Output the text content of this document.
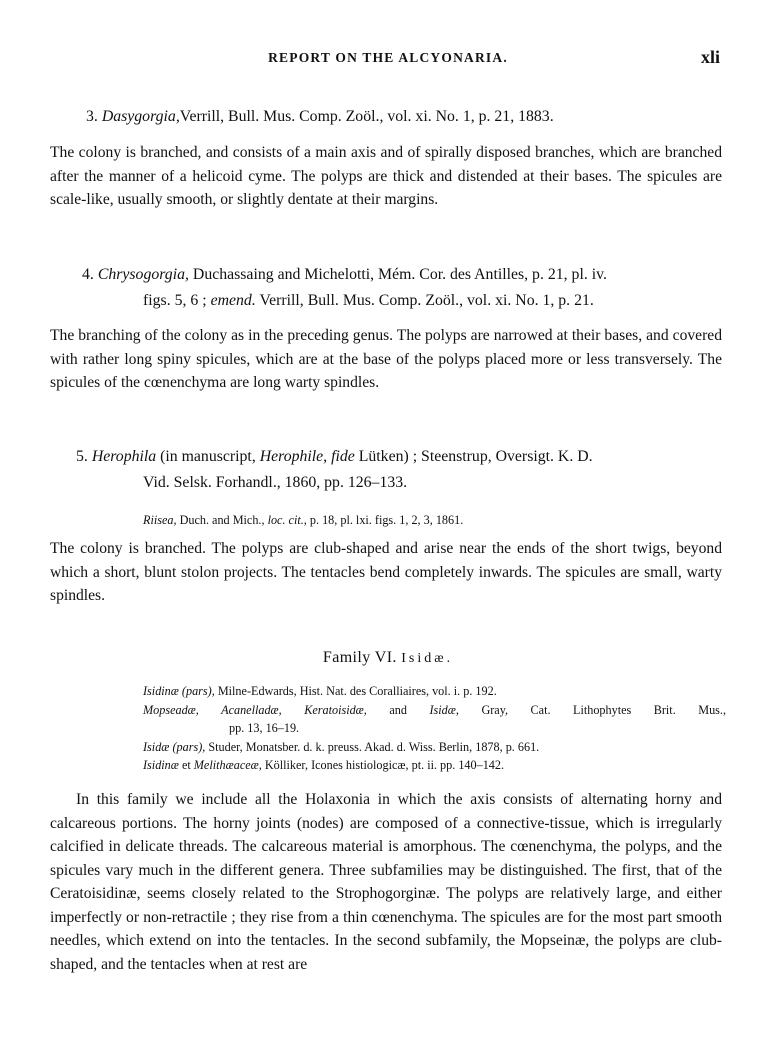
REPORT ON THE ALCYONARIA.	xli
3. Dasygorgia,Verrill, Bull. Mus. Comp. Zoöl., vol. xi. No. 1, p. 21, 1883.
The colony is branched, and consists of a main axis and of spirally disposed branches, which are branched after the manner of a helicoid cyme. The polyps are thick and distended at their bases. The spicules are scale-like, usually smooth, or slightly dentate at their margins.
4. Chrysogorgia, Duchassaing and Michelotti, Mém. Cor. des Antilles, p. 21, pl. iv.
figs. 5, 6 ; emend. Verrill, Bull. Mus. Comp. Zoöl., vol. xi. No. 1, p. 21.
The branching of the colony as in the preceding genus. The polyps are narrowed at their bases, and covered with rather long spiny spicules, which are at the base of the polyps placed more or less transversely. The spicules of the cœnenchyma are long warty spindles.
5. Herophila (in manuscript, Herophile, fide Lütken) ; Steenstrup, Oversigt. K. D.
Vid. Selsk. Forhandl., 1860, pp. 126–133.
Riisea, Duch. and Mich., loc. cit., p. 18, pl. lxi. figs. 1, 2, 3, 1861.
The colony is branched. The polyps are club-shaped and arise near the ends of the short twigs, beyond which a short, blunt stolon projects. The tentacles bend completely inwards. The spicules are small, warty spindles.
Family VI. Isidæ.
Isidinæ (pars), Milne-Edwards, Hist. Nat. des Coralliaires, vol. i. p. 192.
Mopseadæ, Acanelladæ, Keratoisidæ, and Isidæ, Gray, Cat. Lithophytes Brit. Mus.,
pp. 13, 16–19.
Isidæ (pars), Studer, Monatsber. d. k. preuss. Akad. d. Wiss. Berlin, 1878, p. 661.
Isidinæ et Melithæaceæ, Kölliker, Icones histiologicæ, pt. ii. pp. 140–142.
In this family we include all the Holaxonia in which the axis consists of alternating horny and calcareous portions. The horny joints (nodes) are composed of a connective-tissue, which is irregularly calcified in delicate threads. The calcareous material is amorphous. The cœnenchyma, the polyps, and the spicules vary much in the different genera. Three subfamilies may be distinguished. The first, that of the Ceratoisidinæ, seems closely related to the Strophogorginæ. The polyps are relatively large, and either imperfectly or non-retractile ; they rise from a thin cœnenchyma. The spicules are for the most part smooth needles, which extend on into the tentacles. In the second subfamily, the Mopseinæ, the polyps are club-shaped, and the tentacles when at rest are
